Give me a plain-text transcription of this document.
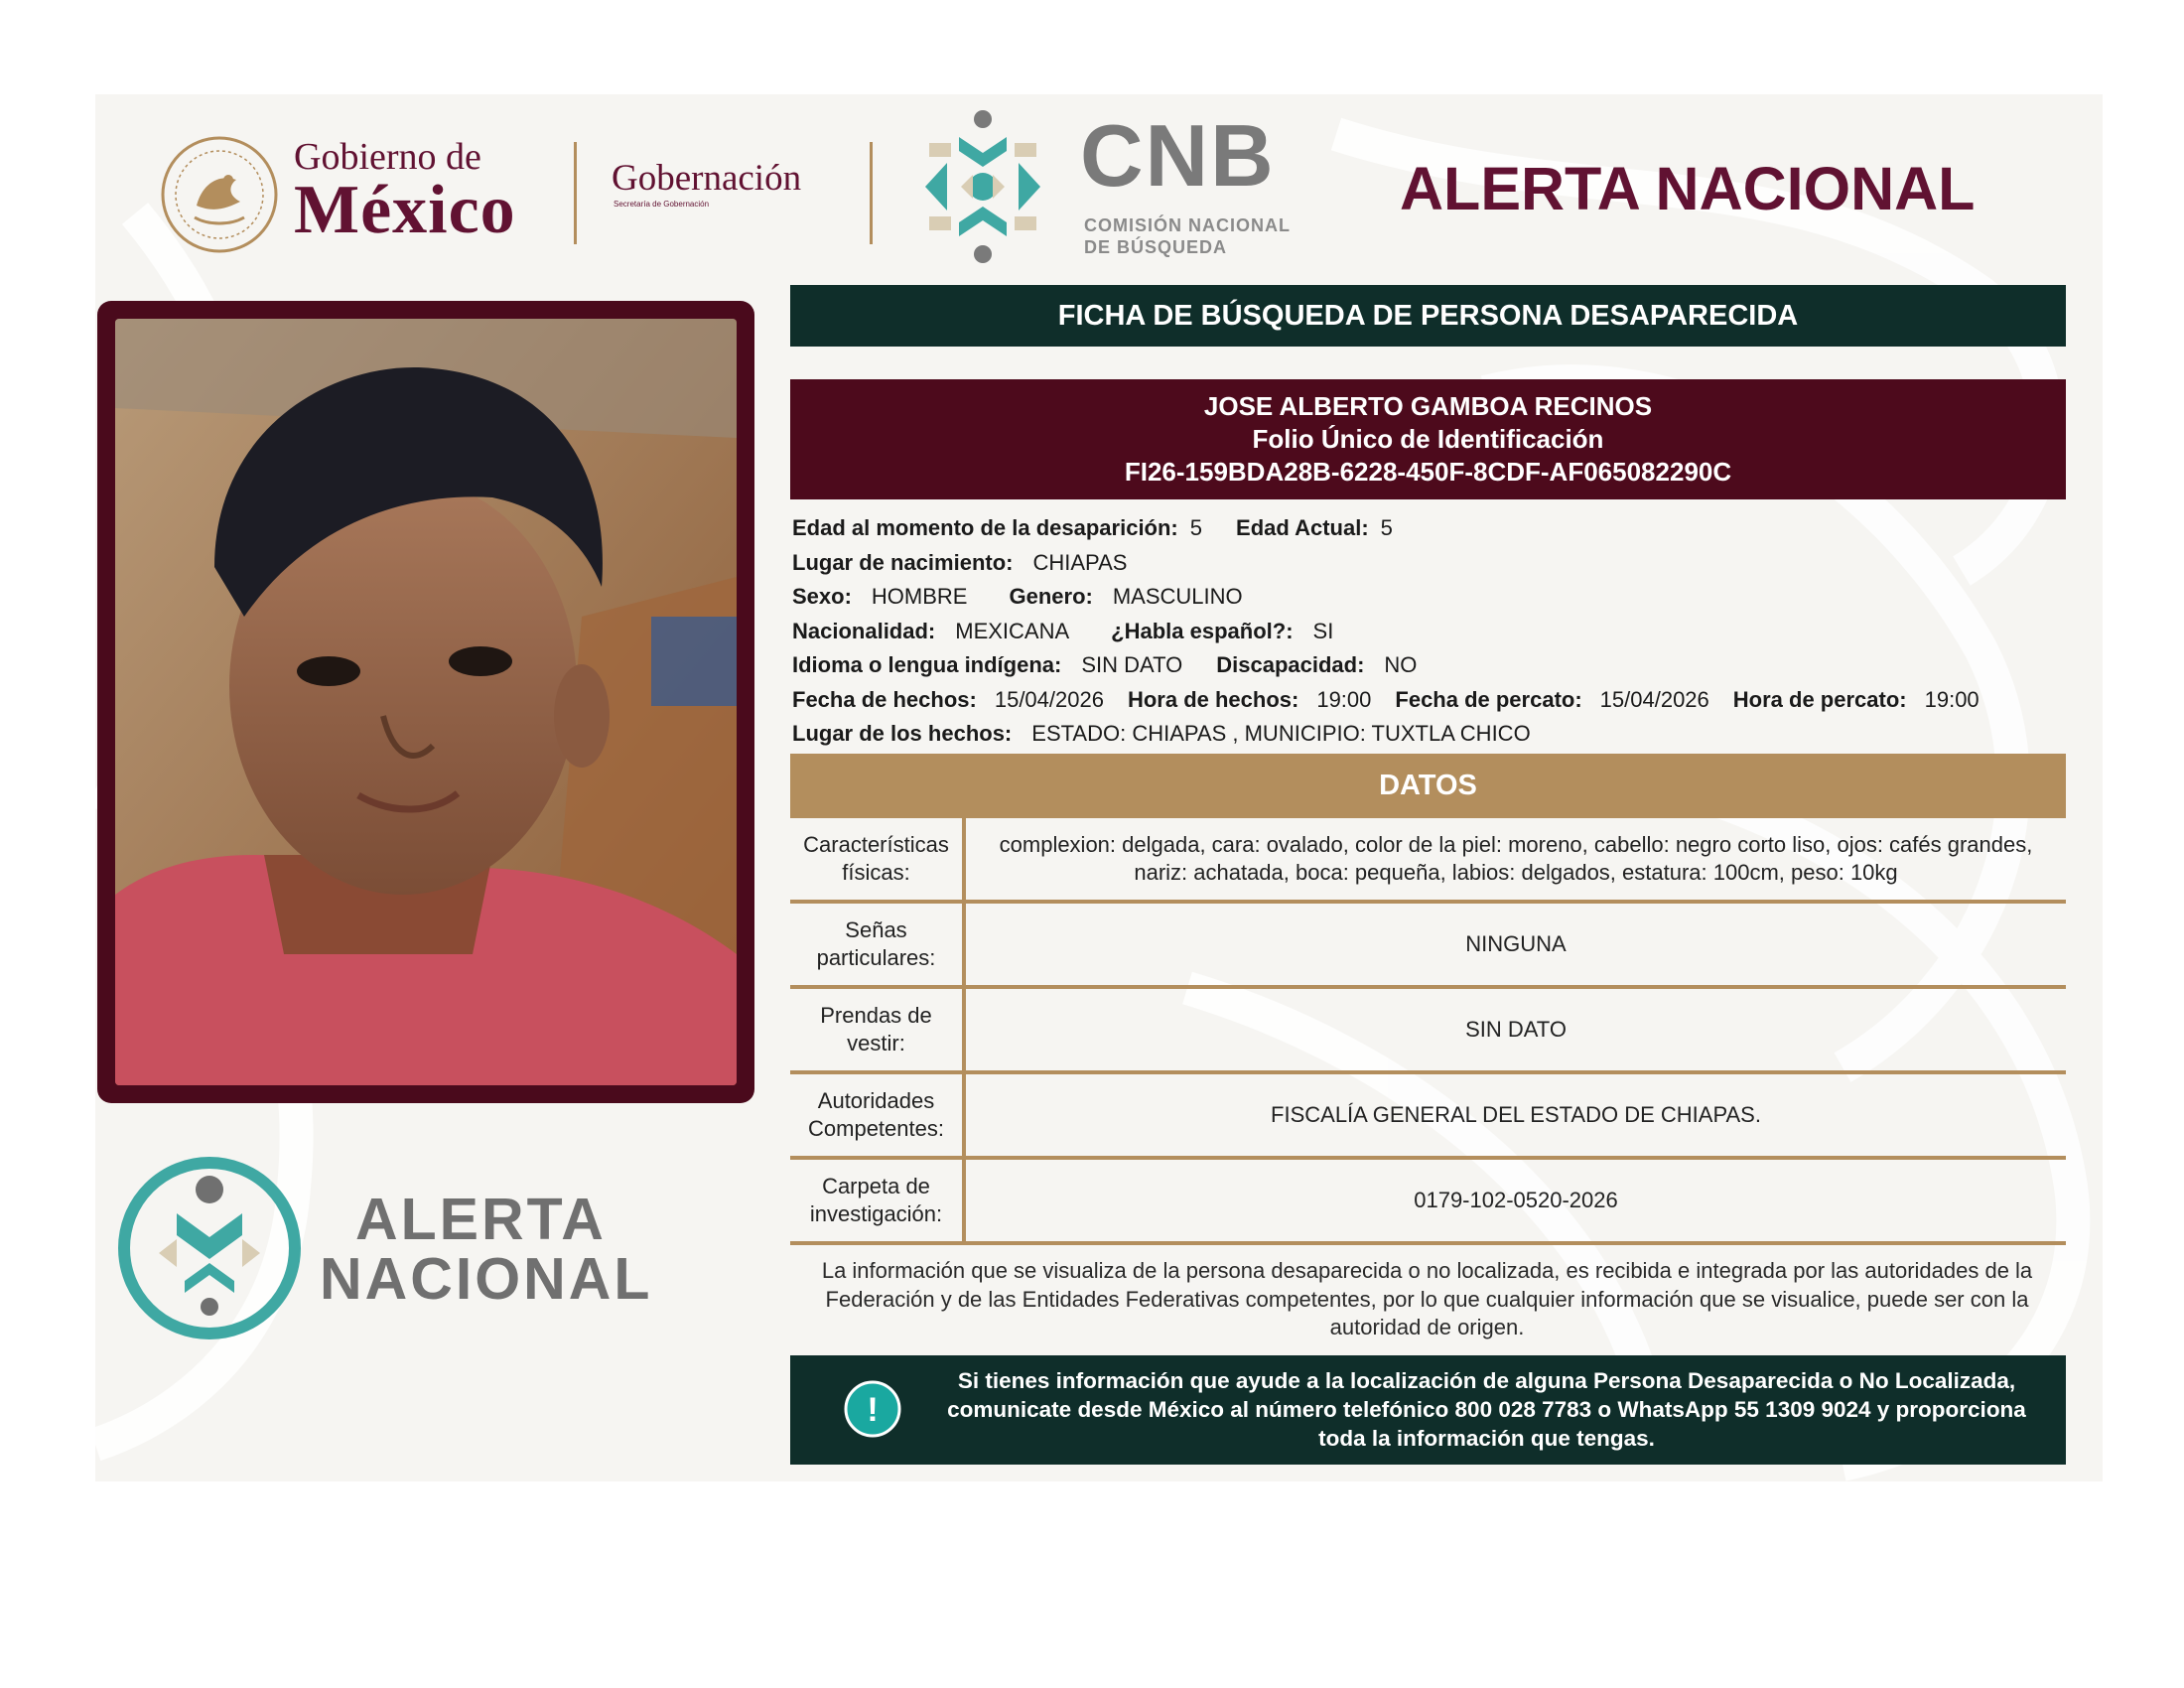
Gobierno de
México	Gobernación
Secretaría de Gobernación	CNB
COMISIÓN NACIONAL
DE BÚSQUEDA
ALERTA NACIONAL
ALERTA
NACIONAL
FICHA DE BÚSQUEDA DE PERSONA DESAPARECIDA
JOSE ALBERTO GAMBOA RECINOS
Folio Único de Identificación
FI26-159BDA28B-6228-450F-8CDF-AF065082290C
Edad al momento de la desaparición: 5 Edad Actual: 5
Lugar de nacimiento: CHIAPAS
Sexo: HOMBRE Genero: MASCULINO
Nacionalidad: MEXICANA ¿Habla español?: SI
Idioma o lengua indígena: SIN DATO Discapacidad: NO
Fecha de hechos: 15/04/2026 Hora de hechos: 19:00 Fecha de percato: 15/04/2026 Hora de percato: 19:00
Lugar de los hechos: ESTADO: CHIAPAS , MUNICIPIO: TUXTLA CHICO
DATOS
Características físicas:	complexion: delgada, cara: ovalado, color de la piel: moreno, cabello: negro corto liso, ojos: cafés grandes, nariz: achatada, boca: pequeña, labios: delgados, estatura: 100cm, peso: 10kg
Señas particulares:	NINGUNA
Prendas de vestir:	SIN DATO
Autoridades Competentes:	FISCALÍA GENERAL DEL ESTADO DE CHIAPAS.
Carpeta de investigación:	0179-102-0520-2026
La información que se visualiza de la persona desaparecida o no localizada, es recibida e integrada por las autoridades de la Federación y de las Entidades Federativas competentes, por lo que cualquier información que se visualice, puede ser con la autoridad de origen.
!
Si tienes información que ayude a la localización de alguna Persona Desaparecida o No Localizada, comunicate desde México al número telefónico 800 028 7783 o WhatsApp 55 1309 9024 y proporciona toda la información que tengas.
